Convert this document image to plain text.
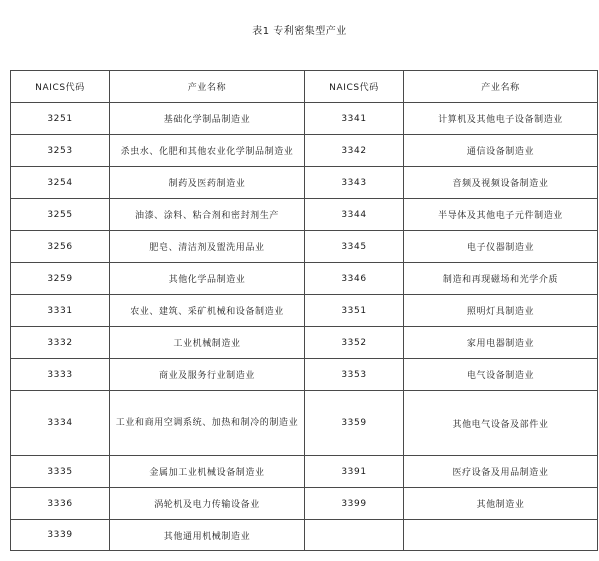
表1 专利密集型产业
NAICS代码	产业名称	NAICS代码	产业名称
3251	基础化学制品制造业	3341	计算机及其他电子设备制造业
3253	杀虫水、化肥和其他农业化学制品制造业	3342	通信设备制造业
3254	制药及医药制造业	3343	音频及视频设备制造业
3255	油漆、涂料、粘合剂和密封剂生产	3344	半导体及其他电子元件制造业
3256	肥皂、清洁剂及盥洗用品业	3345	电子仪器制造业
3259	其他化学品制造业	3346	制造和再现磁场和光学介质
3331	农业、建筑、采矿机械和设备制造业	3351	照明灯具制造业
3332	工业机械制造业	3352	家用电器制造业
3333	商业及服务行业制造业	3353	电气设备制造业
3334	工业和商用空调系统、加热和制冷的制造业	3359	其他电气设备及部件业
3335	金属加工业机械设备制造业	3391	医疗设备及用品制造业
3336	涡轮机及电力传输设备业	3399	其他制造业
3339	其他通用机械制造业		
